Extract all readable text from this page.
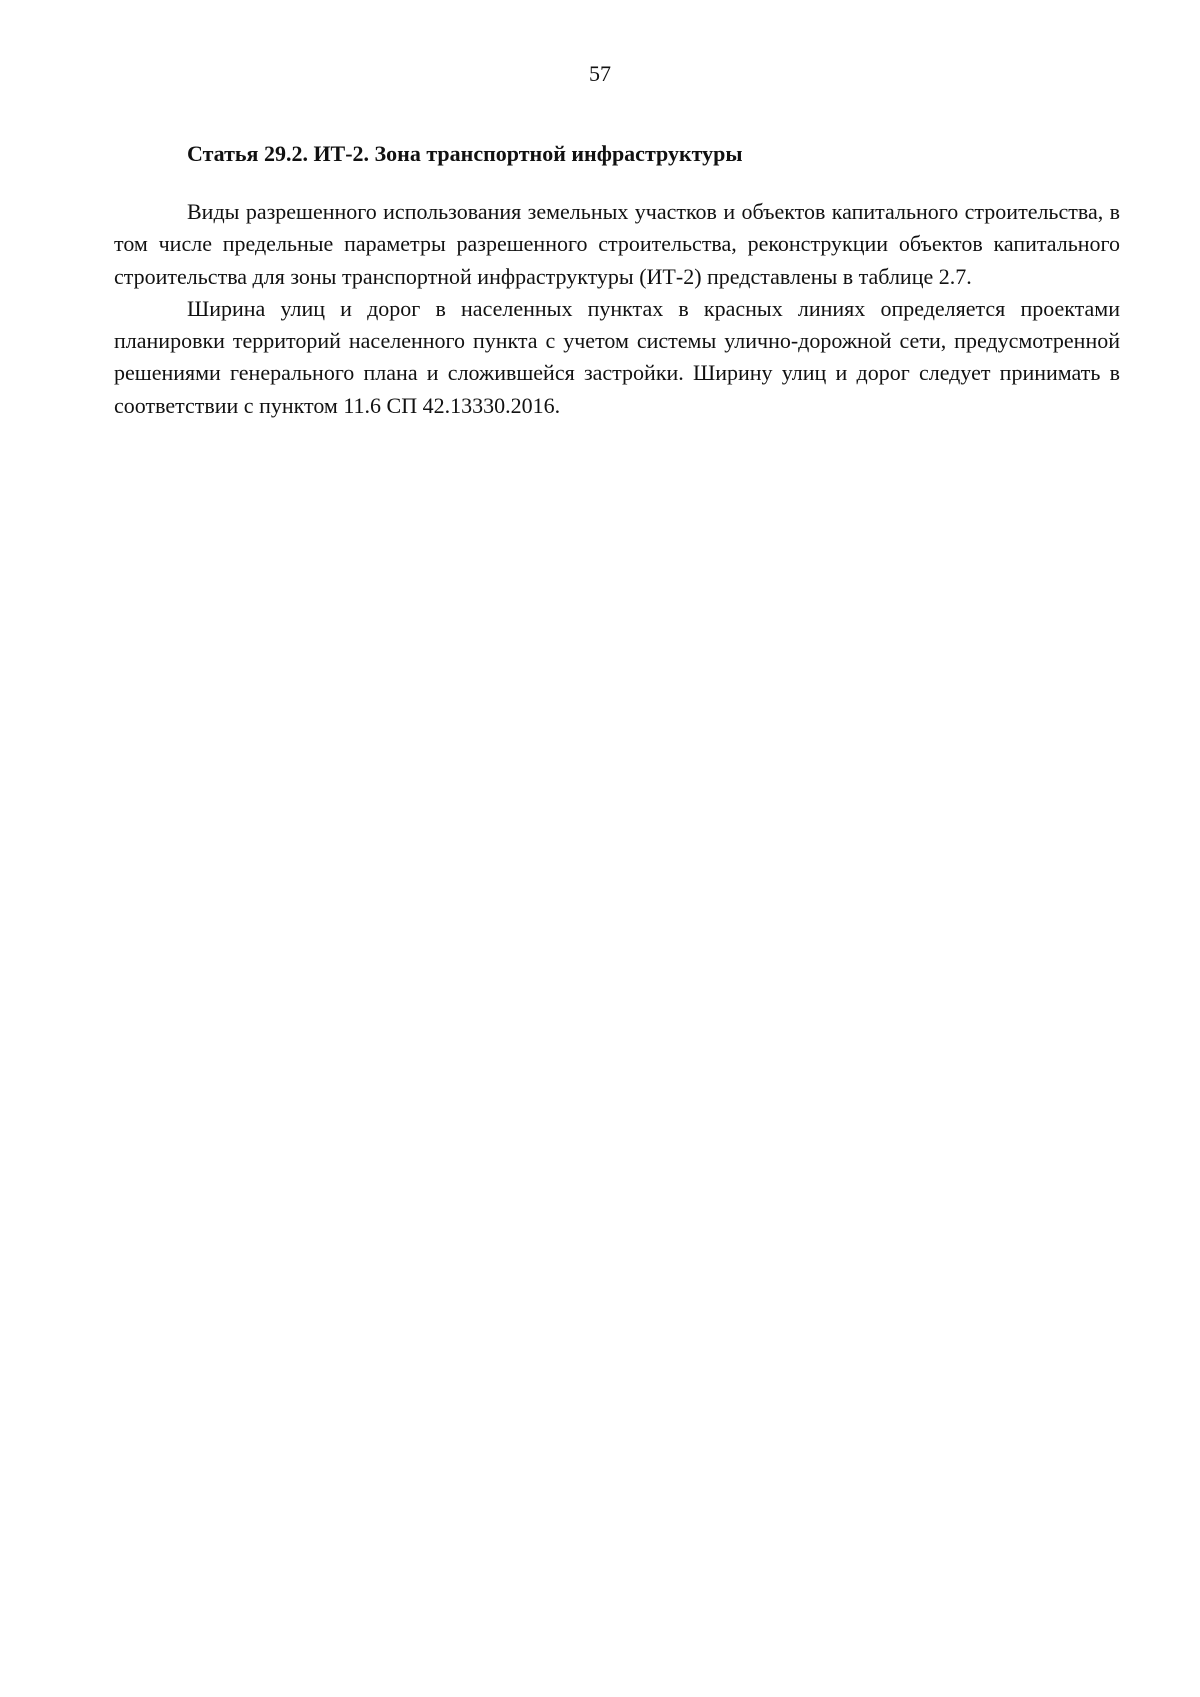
57

Статья 29.2. ИТ-2. Зона транспортной инфраструктуры

Виды разрешенного использования земельных участков и объектов капитального строительства, в том числе предельные параметры разрешенного строительства, реконструкции объектов капитального строительства для зоны транспортной инфраструктуры (ИТ-2) представлены в таблице 2.7.

Ширина улиц и дорог в населенных пунктах в красных линиях определяется проектами планировки территорий населенного пункта с учетом системы улично-дорожной сети, предусмотренной решениями генерального плана и сложившейся застройки. Ширину улиц и дорог следует принимать в соответствии с пунктом 11.6 СП 42.13330.2016.
